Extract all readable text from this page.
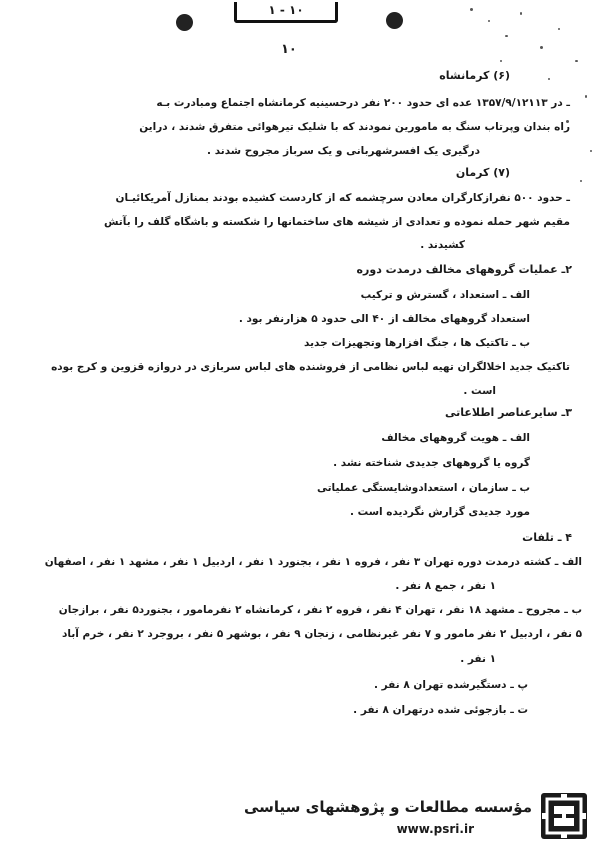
۱۰ - ۱
۱۰
(۶) کرمانشاه
ـ در ۱۳۵۷/۹/۱۲۱۱۳ عده ای حدود ۲۰۰ نفر درحسینیه کرمانشاه اجتماع ومبادرت بـه
راه بندان وپرتاب سنگ به مامورین نمودند که با شلیک تیرهوائی متفرق شدند ، دراین
درگیری یک افسرشهربانی و یک سرباز مجروح شدند .
(۷) کرمان
ـ حدود ۵۰۰ نفرازکارگران معادن سرچشمه که از کاردست کشیده بودند بمنازل آمریکائیـان
مقیم شهر حمله نموده و تعدادی از شیشه های ساختمانها را شکسته و باشگاه گلف را بآتش
کشیدند .
۲ـ عملیات گروههای مخالف درمدت دوره
الف ـ استعداد ، گسترش و ترکیب
استعداد گروههای مخالف از ۴۰ الی حدود ۵ هزارنفر بود .
ب ـ تاکتیک ها ، جنگ افزارها وتجهیزات جدید
تاکتیک جدید اخلالگران تهیه لباس نظامی از فروشنده های لباس سربازی در دروازه قزوین و کرج بوده
است .
۳ـ سایرعناصر اطلاعاتی
الف ـ هویت گروههای مخالف
گروه یا گروههای جدیدی شناخته نشد .
ب ـ سازمان ، استعدادوشایستگی عملیاتی
مورد جدیدی گزارش نگردیده است .
۴ ـ تلفات
الف ـ کشته درمدت دوره تهران ۳ نفر ، فروه ۱ نفر ، بجنورد ۱ نفر ، اردبیل ۱ نفر ، مشهد ۱ نفر ، اصفهان
۱ نفر ، جمع ۸ نفر .
ب ـ مجروح ـ مشهد ۱۸ نفر ، تهران ۴ نفر ، فروه ۲ نفر ، کرمانشاه ۲ نفرمامور ، بجنورد۵ نفر ، برازجان
۵ نفر ، اردبیل ۲ نفر مامور و ۷ نفر غیرنظامی ، زنجان ۹ نفر ، بوشهر ۵ نفر ، بروجرد ۲ نفر ، خرم آباد
۱ نفر .
پ ـ دستگیرشده تهران ۸ نفر .
ت ـ بازجوئی شده درتهران ۸ نفر .
مؤسسه مطالعات و پژوهشهای سیاسی
www.psri.ir
